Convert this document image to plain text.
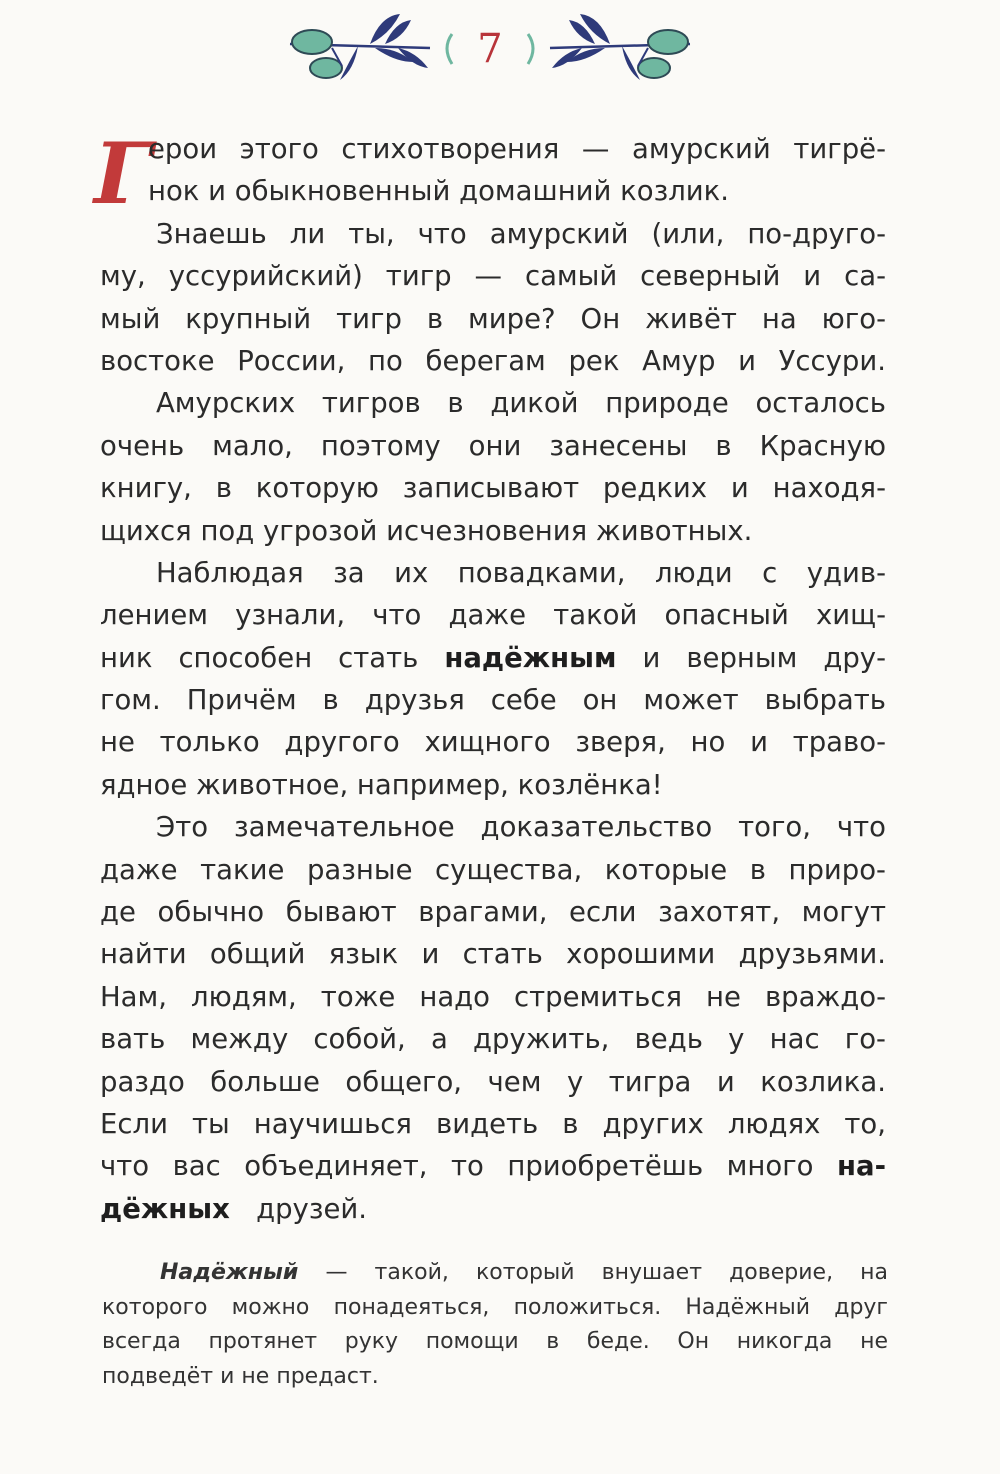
7
Г
ерои этого стихотворения — амурский тигрё-
нок и обыкновенный домашний козлик.
Знаешь ли ты, что амурский (или, по-друго-
му, уссурийский) тигр — самый северный и са-
мый крупный тигр в мире? Он живёт на юго-
востоке России, по берегам рек Амур и Уссури.
Амурских тигров в дикой природе осталось
очень мало, поэтому они занесены в Красную
книгу, в которую записывают редких и находя-
щихся под угрозой исчезновения животных.
Наблюдая за их повадками, люди с удив-
лением узнали, что даже такой опасный хищ-
ник способен стать надёжным и верным дру-
гом. Причём в друзья себе он может выбрать
не только другого хищного зверя, но и траво-
ядное животное, например, козлёнка!
Это замечательное доказательство того, что
даже такие разные существа, которые в приро-
де обычно бывают врагами, если захотят, могут
найти общий язык и стать хорошими друзьями.
Нам, людям, тоже надо стремиться не враждо-
вать между собой, а дружить, ведь у нас го-
раздо больше общего, чем у тигра и козлика.
Если ты научишься видеть в других людях то,
что вас объединяет, то приобретёшь много на-
дёжных друзей.
Надёжный — такой, который внушает доверие, на
которого можно понадеяться, положиться. Надёжный друг
всегда протянет руку помощи в беде. Он никогда не
подведёт и не предаст.
